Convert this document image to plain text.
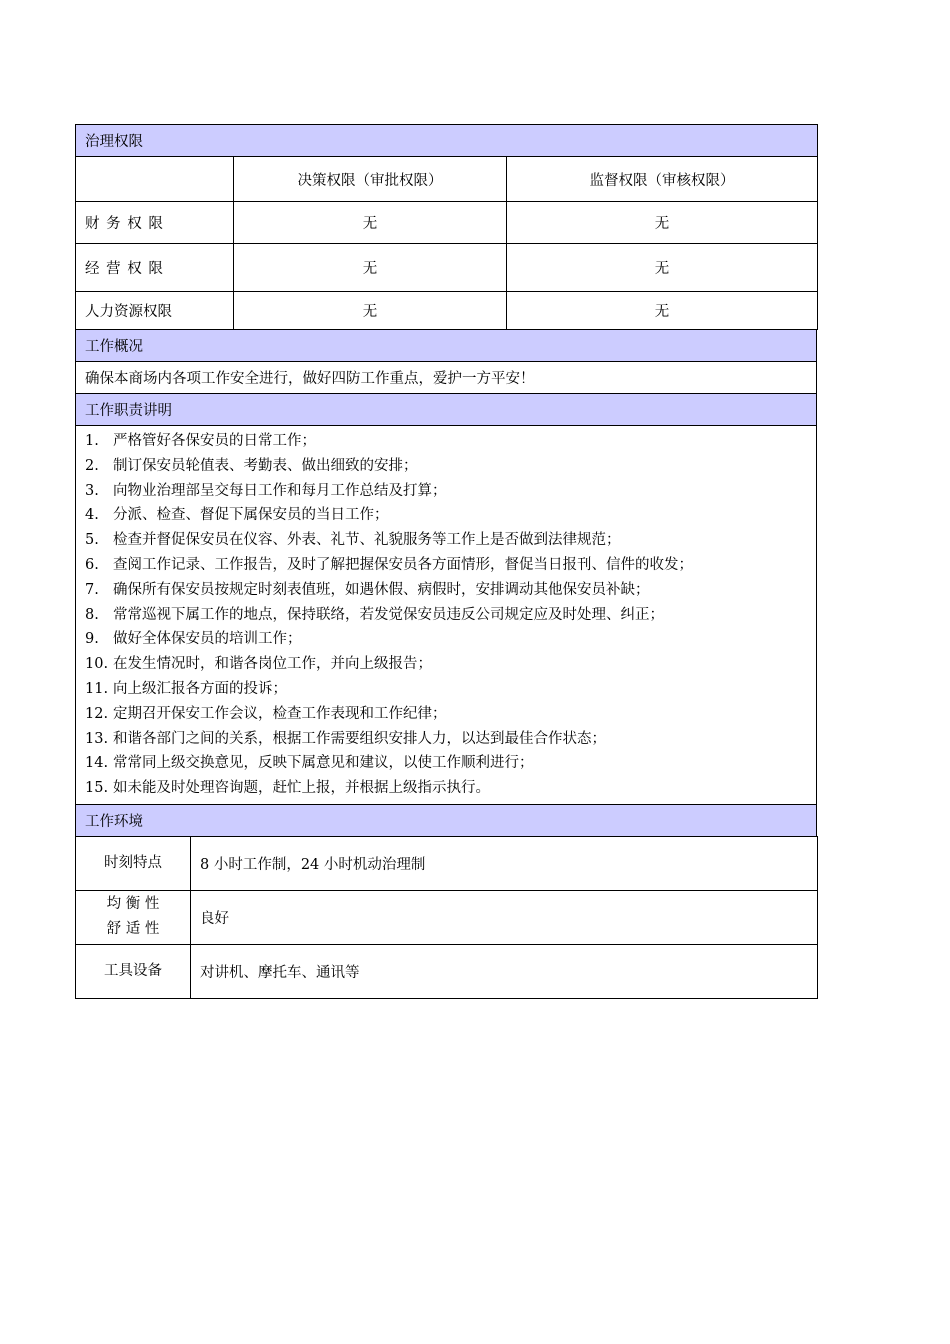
治理权限		
	决策权限（审批权限）	监督权限（审核权限）
财 务 权 限	无	无
经 营 权 限	无	无
人力资源权限	无	无
工作概况
确保本商场内各项工作安全进行，做好四防工作重点，爱护一方平安！
工作职责讲明

1. 严格管好各保安员的日常工作；
2. 制订保安员轮值表、考勤表、做出细致的安排；
3. 向物业治理部呈交每日工作和每月工作总结及打算；
4. 分派、检查、督促下属保安员的当日工作；
5. 检查并督促保安员在仪容、外表、礼节、礼貌服务等工作上是否做到法律规范；
6. 查阅工作记录、工作报告，及时了解把握保安员各方面情形，督促当日报刊、信件的收发；
7. 确保所有保安员按规定时刻表值班，如遇休假、病假时，安排调动其他保安员补缺；
8. 常常巡视下属工作的地点，保持联络，若发觉保安员违反公司规定应及时处理、纠正；
9. 做好全体保安员的培训工作；
10. 在发生情况时，和谐各岗位工作，并向上级报告；
11. 向上级汇报各方面的投诉；
12. 定期召开保安工作会议，检查工作表现和工作纪律；
13. 和谐各部门之间的关系，根据工作需要组织安排人力，以达到最佳合作状态；
14. 常常同上级交换意见，反映下属意见和建议，以使工作顺利进行；
15. 如未能及时处理咨询题，赶忙上报，并根据上级指示执行。

工作环境
时刻特点	8 小时工作制，24 小时机动治理制

均 衡 性
舒 适 性	良好
工具设备	对讲机、摩托车、通讯等
